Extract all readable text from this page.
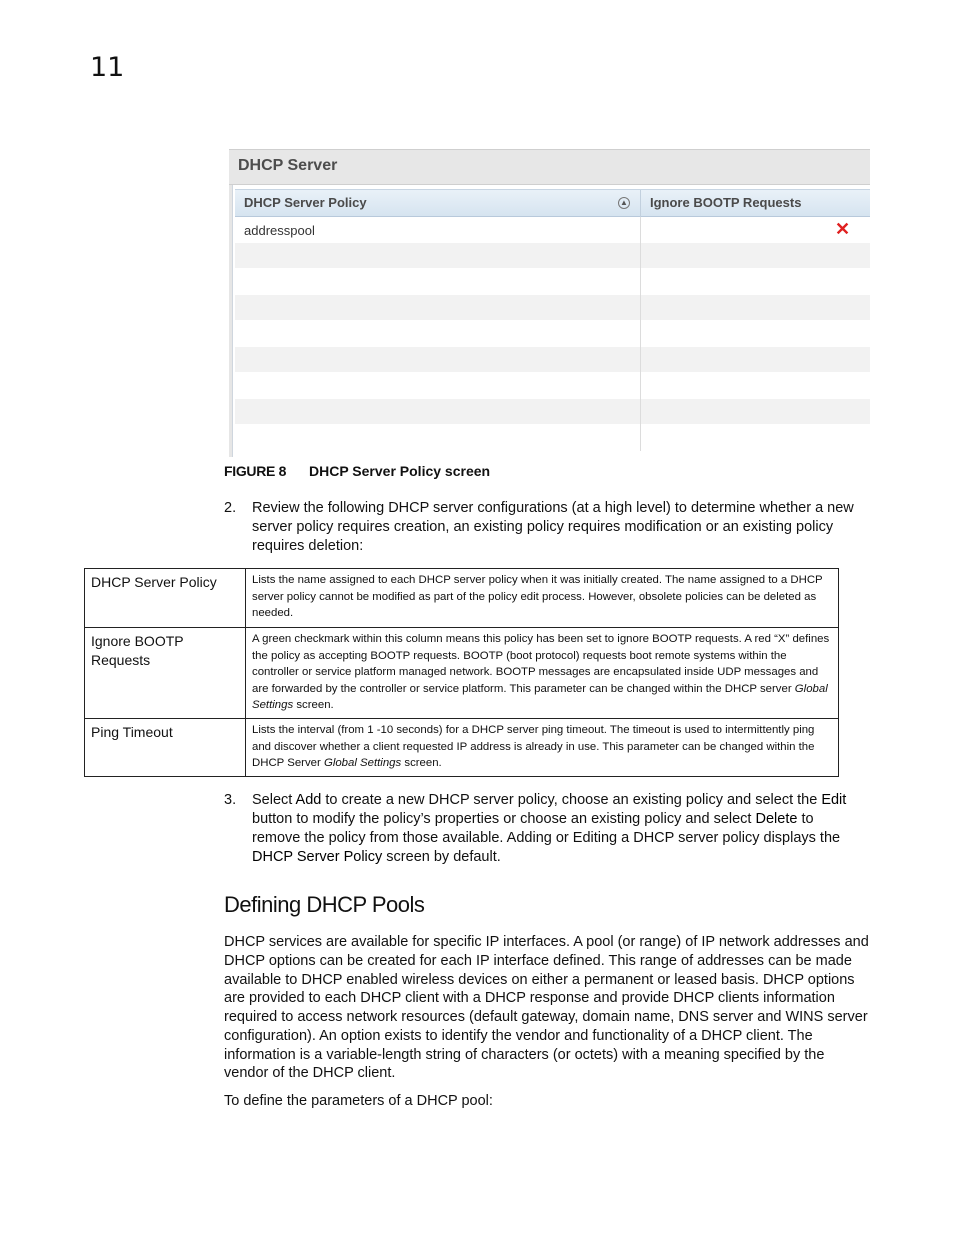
11
DHCP Server
DHCP Server Policy	▲ Ignore BOOTP Requests
addresspool	✕
FIGURE 8 DHCP Server Policy screen
2. Review the following DHCP server configurations (at a high level) to determine whether a new server policy requires creation, an existing policy requires modification or an existing policy requires deletion:
DHCP Server Policy	Lists the name assigned to each DHCP server policy when it was initially created. The name assigned to a DHCP server policy cannot be modified as part of the policy edit process. However, obsolete policies can be deleted as needed.
Ignore BOOTP Requests	A green checkmark within this column means this policy has been set to ignore BOOTP requests. A red “X” defines the policy as accepting BOOTP requests. BOOTP (boot protocol) requests boot remote systems within the controller or service platform managed network. BOOTP messages are encapsulated inside UDP messages and are forwarded by the controller or service platform. This parameter can be changed within the DHCP server Global Settings screen.
Ping Timeout	Lists the interval (from 1 -10 seconds) for a DHCP server ping timeout. The timeout is used to intermittently ping and discover whether a client requested IP address is already in use. This parameter can be changed within the DHCP Server Global Settings screen.
3. Select Add to create a new DHCP server policy, choose an existing policy and select the Edit button to modify the policy’s properties or choose an existing policy and select Delete to remove the policy from those available. Adding or Editing a DHCP server policy displays the DHCP Server Policy screen by default.
Defining DHCP Pools

DHCP services are available for specific IP interfaces. A pool (or range) of IP network addresses and DHCP options can be created for each IP interface defined. This range of addresses can be made available to DHCP enabled wireless devices on either a permanent or leased basis. DHCP options are provided to each DHCP client with a DHCP response and provide DHCP clients information required to access network resources (default gateway, domain name, DNS server and WINS server configuration). An option exists to identify the vendor and functionality of a DHCP client. The information is a variable-length string of characters (or octets) with a meaning specified by the vendor of the DHCP client.

To define the parameters of a DHCP pool:
